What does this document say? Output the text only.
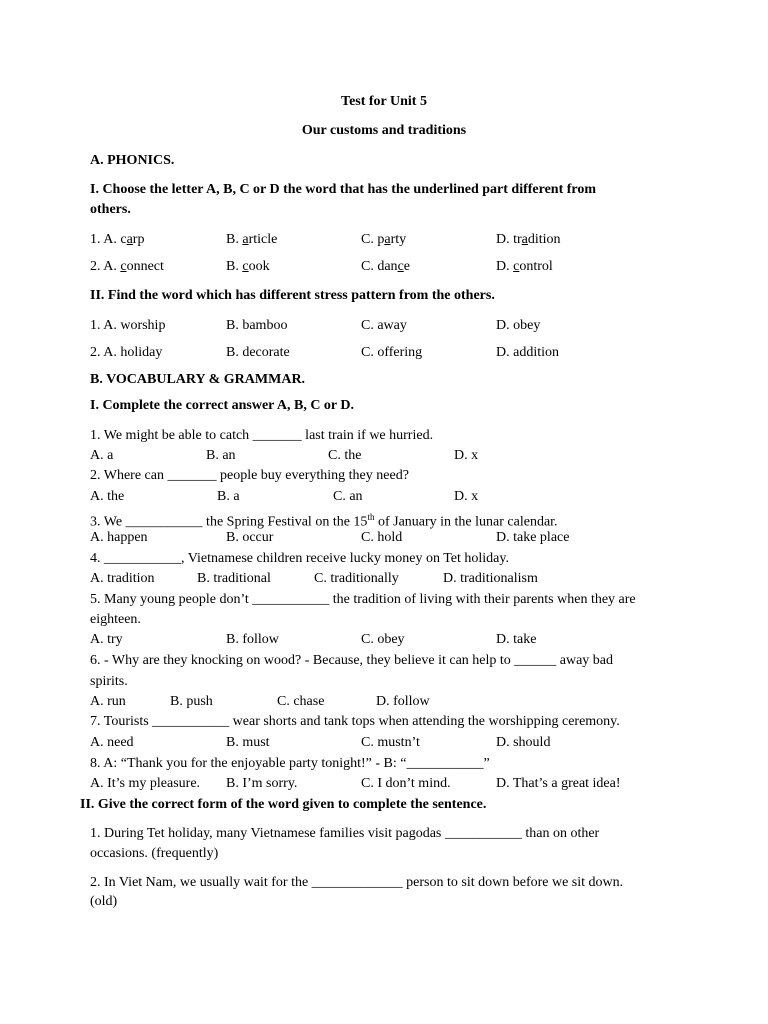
Test for Unit 5
Our customs and traditions
A. PHONICS.
I. Choose the letter A, B, C or D the word that has the underlined part different from
others.
1. A. carp	B. article	C. party	D. tradition
2. A. connect	B. cook	C. dance	D. control
II. Find the word which has different stress pattern from the others.
1. A. worship	B. bamboo	C. away	D. obey
2. A. holiday	B. decorate	C. offering	D. addition
B. VOCABULARY & GRAMMAR.
I. Complete the correct answer A, B, C or D.
1. We might be able to catch _______ last train if we hurried.
A. a	B. an	C. the	D. x
2. Where can _______ people buy everything they need?
A. the	B. a	C. an	D. x
3. We ___________ the Spring Festival on the 15th of January in the lunar calendar.
A. happen	B. occur	C. hold	D. take place
4. ___________, Vietnamese children receive lucky money on Tet holiday.
A. tradition	B. traditional	C. traditionally	D. traditionalism
5. Many young people don’t ___________ the tradition of living with their parents when they are
eighteen.
A. try	B. follow	C. obey	D. take
6. - Why are they knocking on wood? - Because, they believe it can help to ______ away bad
spirits.
A. run	B. push	C. chase	D. follow
7. Tourists ___________ wear shorts and tank tops when attending the worshipping ceremony.
A. need	B. must	C. mustn’t	D. should
8. A: “Thank you for the enjoyable party tonight!” - B: “___________”
A. It’s my pleasure. B. I’m sorry.	C. I don’t mind.	D. That’s a great idea!
II. Give the correct form of the word given to complete the sentence.
1. During Tet holiday, many Vietnamese families visit pagodas ___________ than on other
occasions. (frequently)
2. In Viet Nam, we usually wait for the _____________ person to sit down before we sit down.
(old)
